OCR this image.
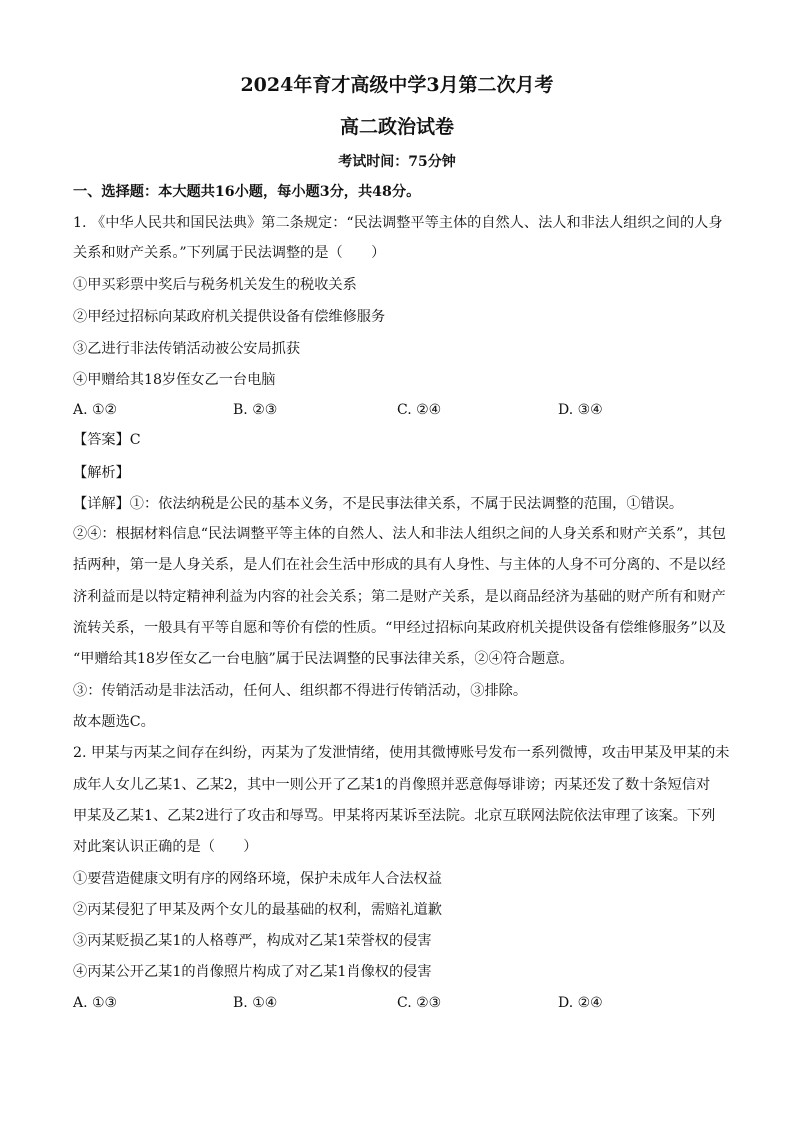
2024年育才高级中学3月第二次月考
高二政治试卷
考试时间：75分钟
一、选择题：本大题共16小题，每小题3分，共48分。
1. 《中华人民共和国民法典》第二条规定：“民法调整平等主体的自然人、法人和非法人组织之间的人身
关系和财产关系。”下列属于民法调整的是（　　）
①甲买彩票中奖后与税务机关发生的税收关系
②甲经过招标向某政府机关提供设备有偿维修服务
③乙进行非法传销活动被公安局抓获
④甲赠给其18岁侄女乙一台电脑
A. ①②	B. ②③	C. ②④	D. ③④
【答案】C
【解析】
【详解】①：依法纳税是公民的基本义务，不是民事法律关系，不属于民法调整的范围，①错误。
②④：根据材料信息“民法调整平等主体的自然人、法人和非法人组织之间的人身关系和财产关系”，其包
括两种，第一是人身关系，是人们在社会生活中形成的具有人身性、与主体的人身不可分离的、不是以经
济利益而是以特定精神利益为内容的社会关系；第二是财产关系，是以商品经济为基础的财产所有和财产
流转关系，一般具有平等自愿和等价有偿的性质。“甲经过招标向某政府机关提供设备有偿维修服务”以及
“甲赠给其18岁侄女乙一台电脑”属于民法调整的民事法律关系，②④符合题意。
③：传销活动是非法活动，任何人、组织都不得进行传销活动，③排除。
故本题选C。
2. 甲某与丙某之间存在纠纷，丙某为了发泄情绪，使用其微博账号发布一系列微博，攻击甲某及甲某的未
成年人女儿乙某1、乙某2，其中一则公开了乙某1的肖像照并恶意侮辱诽谤；丙某还发了数十条短信对
甲某及乙某1、乙某2进行了攻击和辱骂。甲某将丙某诉至法院。北京互联网法院依法审理了该案。下列
对此案认识正确的是（　　）
①要营造健康文明有序的网络环境，保护未成年人合法权益
②丙某侵犯了甲某及两个女儿的最基础的权利，需赔礼道歉
③丙某贬损乙某1的人格尊严，构成对乙某1荣誉权的侵害
④丙某公开乙某1的肖像照片构成了对乙某1肖像权的侵害
A. ①③	B. ①④	C. ②③	D. ②④
